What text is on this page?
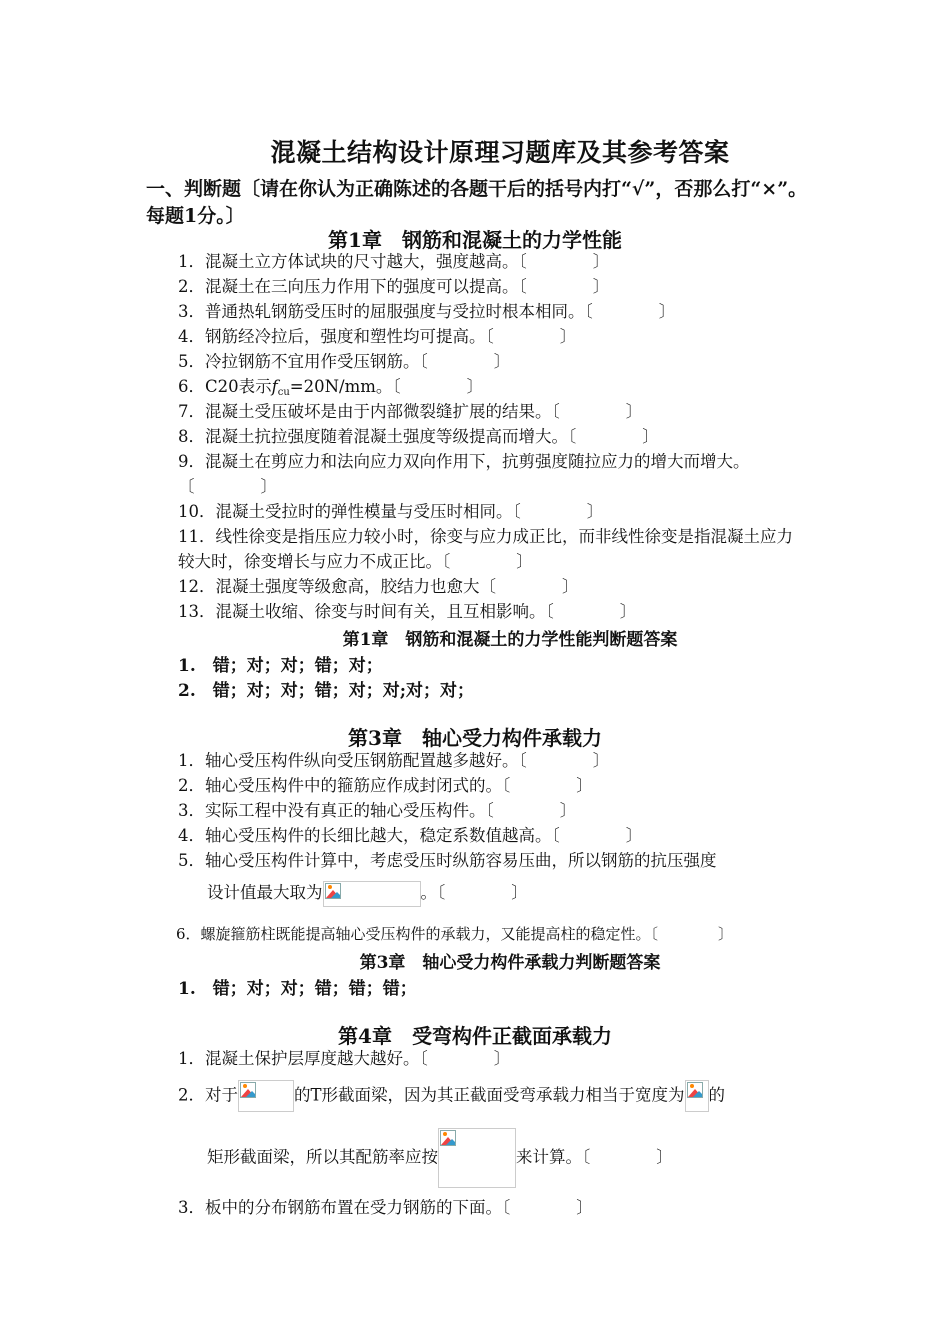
混凝土结构设计原理习题库及其参考答案
一、判断题〔请在你认为正确陈述的各题干后的括号内打“√”，否那么打“×”。每题1分。〕
第1章　钢筋和混凝土的力学性能
1．混凝土立方体试块的尺寸越大，强度越高。〔　　　　〕
2．混凝土在三向压力作用下的强度可以提高。〔　　　　〕
3．普通热轧钢筋受压时的屈服强度与受拉时根本相同。〔　　　　〕
4．钢筋经冷拉后，强度和塑性均可提高。〔　　　　〕
5．冷拉钢筋不宜用作受压钢筋。〔　　　　〕
6．C20表示$f_{cu}=20N/mm$。〔　　　　〕
7．混凝土受压破坏是由于内部微裂缝扩展的结果。〔　　　　〕
8．混凝土抗拉强度随着混凝土强度等级提高而增大。〔　　　　〕
9．混凝土在剪应力和法向应力双向作用下，抗剪强度随拉应力的增大而增大。〔　　　　〕
10．混凝土受拉时的弹性模量与受压时相同。〔　　　　〕
11．线性徐变是指压应力较小时，徐变与应力成正比，而非线性徐变是指混凝土应力较大时，徐变增长与应力不成正比。〔　　　　〕
12．混凝土强度等级愈高，胶结力也愈大〔　　　　〕
13．混凝土收缩、徐变与时间有关，且互相影响。〔　　　　〕
第1章　钢筋和混凝土的力学性能判断题答案
1.　错；对；对；错；对；
2.　错；对；对；错；对；对;对；对；
第3章　轴心受力构件承载力
1．轴心受压构件纵向受压钢筋配置越多越好。〔　　　　〕
2．轴心受压构件中的箍筋应作成封闭式的。〔　　　　〕
3．实际工程中没有真正的轴心受压构件。〔　　　　〕
4．轴心受压构件的长细比越大，稳定系数值越高。〔　　　　〕
5．轴心受压构件计算中，考虑受压时纵筋容易压曲，所以钢筋的抗压强度
设计值最大取为	。〔　　　　〕
6．螺旋箍筋柱既能提高轴心受压构件的承载力，又能提高柱的稳定性。〔　　　　〕
第3章　轴心受力构件承载力判断题答案
1.　错；对；对；错；错；错；
第4章　受弯构件正截面承载力
1．混凝土保护层厚度越大越好。〔　　　　〕
2．对于	的T形截面梁，因为其正截面受弯承载力相当于宽度为 的
矩形截面梁，所以其配筋率应按	来计算。〔　　　　〕
3．板中的分布钢筋布置在受力钢筋的下面。〔　　　　〕
